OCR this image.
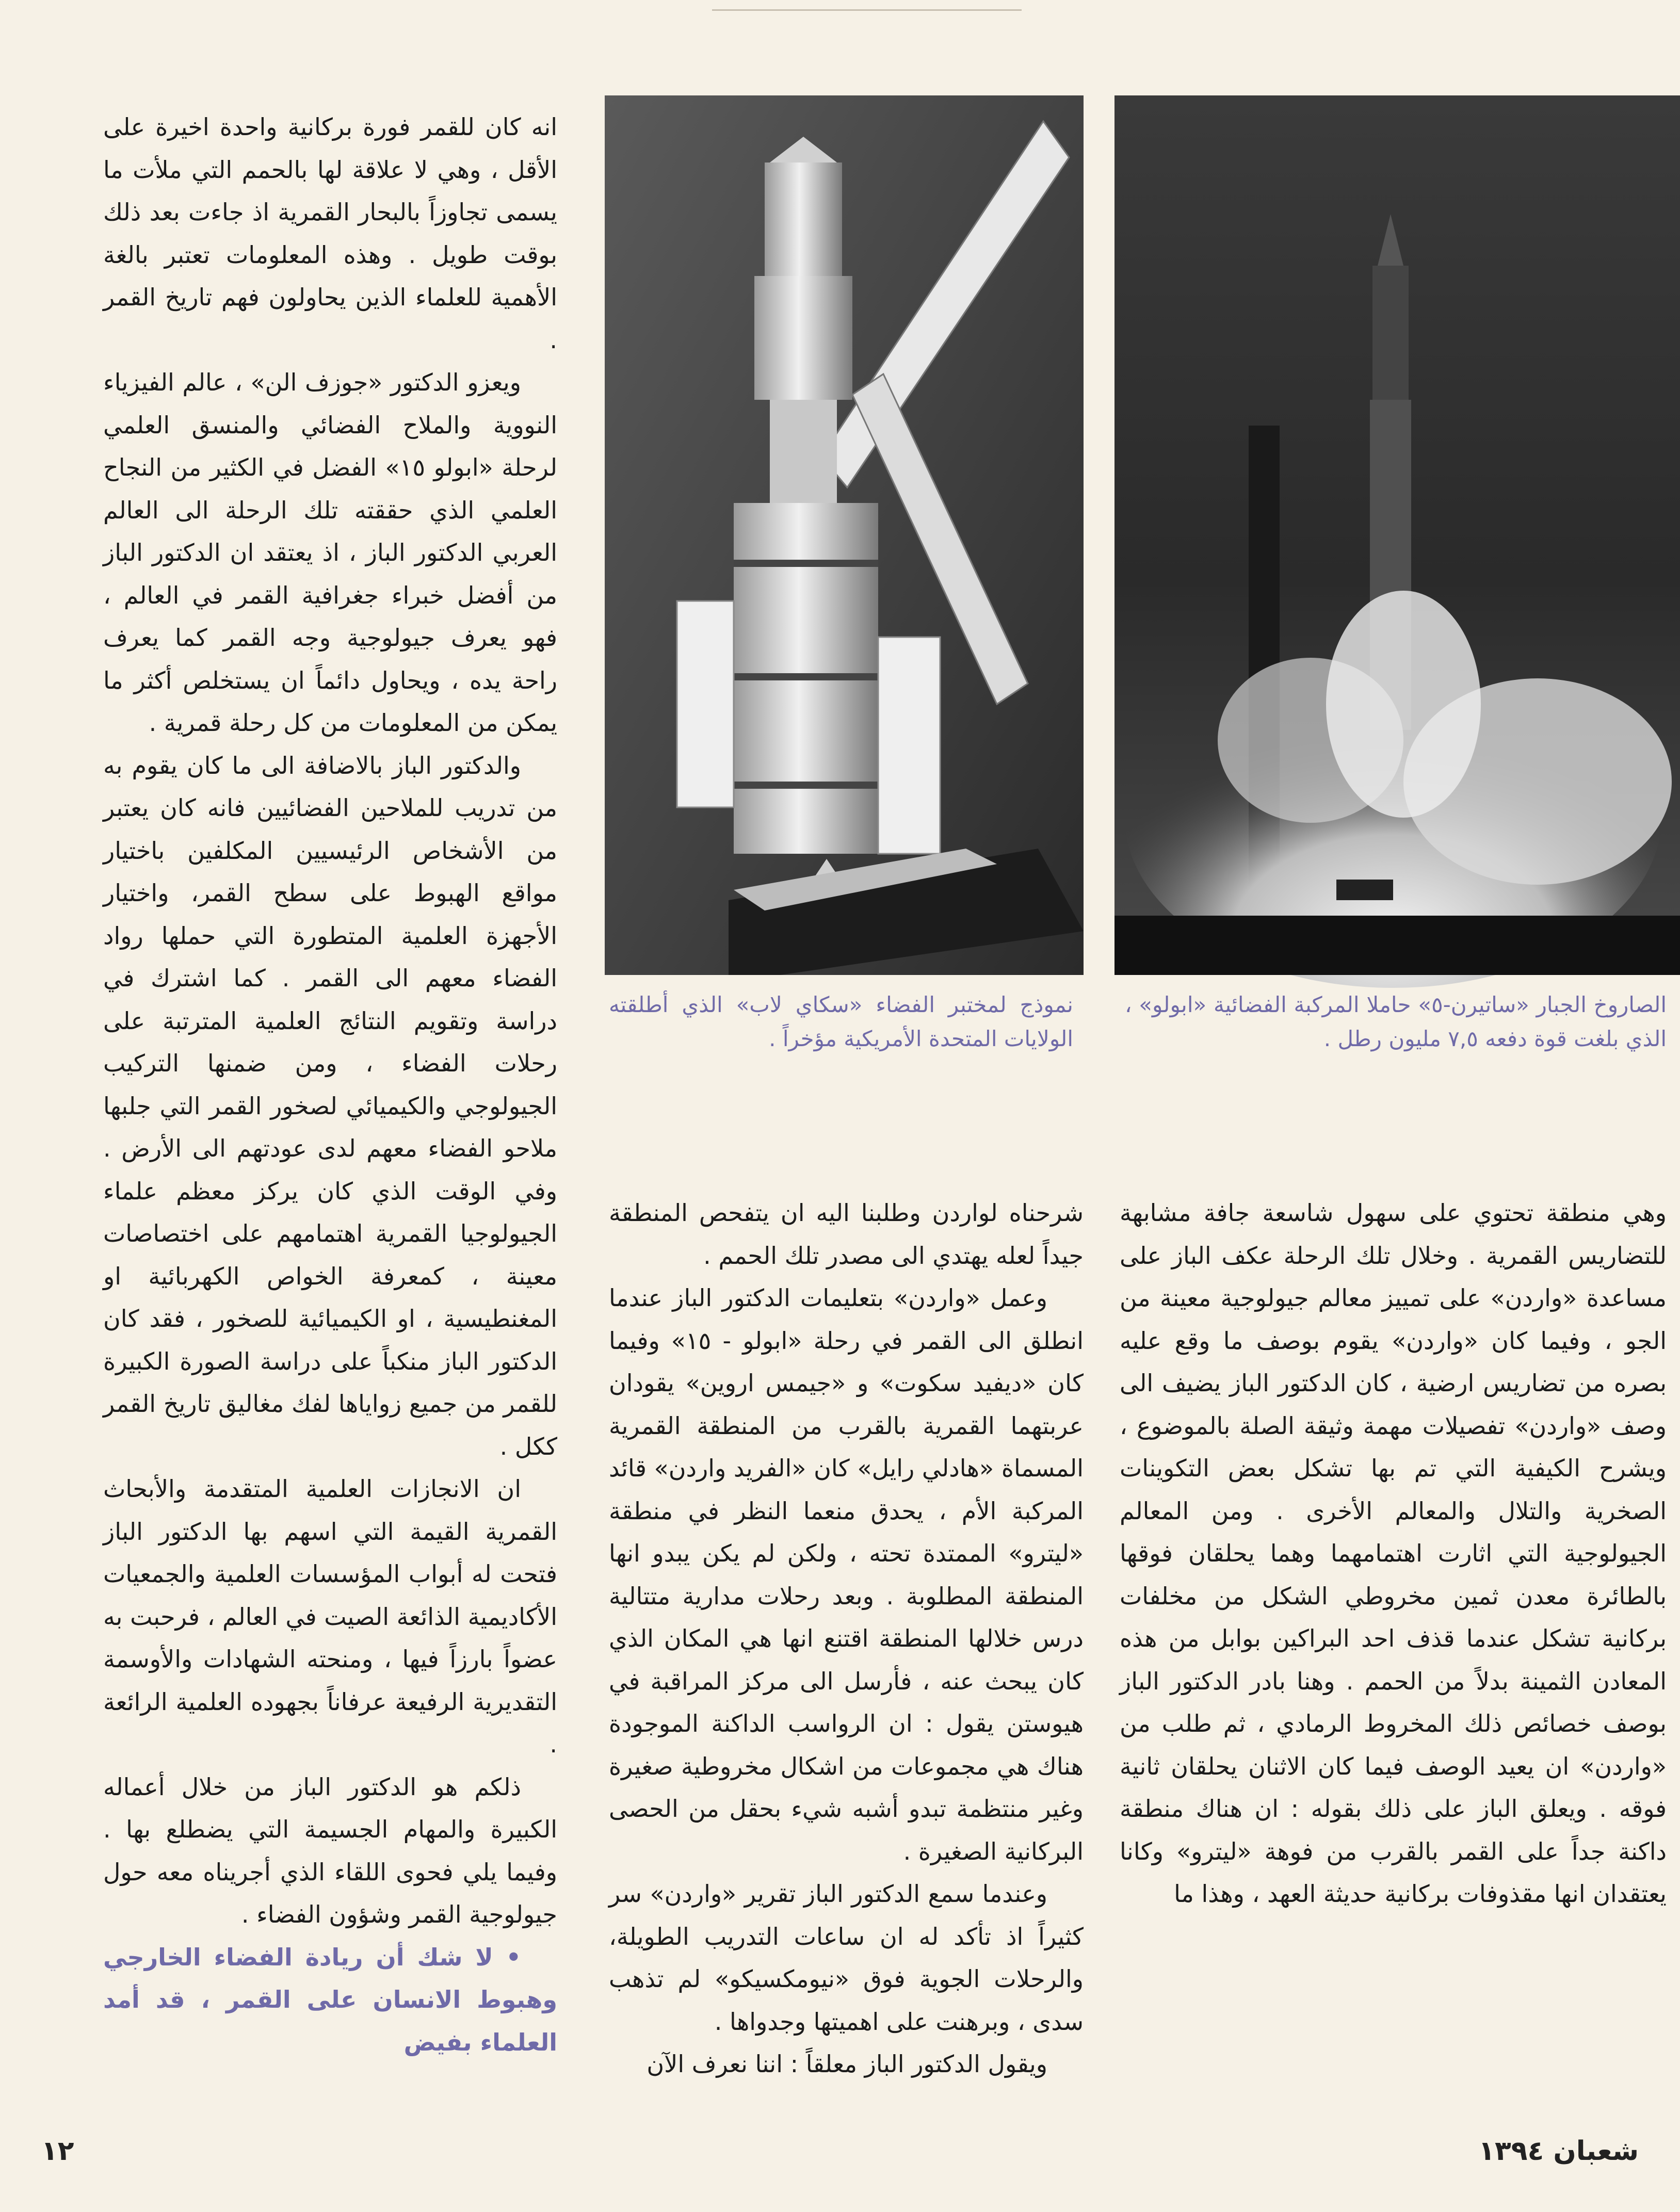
الصاروخ الجبار «ساتيرن-٥» حاملا المركبة الفضائية «ابولو» ، الذي بلغت قوة دفعه ٧,٥ مليون رطل .
نموذج لمختبر الفضاء «سكاي لاب» الذي أطلقته الولايات المتحدة الأمريكية مؤخراً .

انه كان للقمر فورة بركانية واحدة اخيرة على الأقل ، وهي لا علاقة لها بالحمم التي ملأت ما يسمى تجاوزاً بالبحار القمرية اذ جاءت بعد ذلك بوقت طويل . وهذه المعلومات تعتبر بالغة الأهمية للعلماء الذين يحاولون فهم تاريخ القمر .

ويعزو الدكتور «جوزف الن» ، عالم الفيزياء النووية والملاح الفضائي والمنسق العلمي لرحلة «ابولو ١٥» الفضل في الكثير من النجاح العلمي الذي حققته تلك الرحلة الى العالم العربي الدكتور الباز ، اذ يعتقد ان الدكتور الباز من أفضل خبراء جغرافية القمر في العالم ، فهو يعرف جيولوجية وجه القمر كما يعرف راحة يده ، ويحاول دائماً ان يستخلص أكثر ما يمكن من المعلومات من كل رحلة قمرية .

والدكتور الباز بالاضافة الى ما كان يقوم به من تدريب للملاحين الفضائيين فانه كان يعتبر من الأشخاص الرئيسيين المكلفين باختيار مواقع الهبوط على سطح القمر، واختيار الأجهزة العلمية المتطورة التي حملها رواد الفضاء معهم الى القمر . كما اشترك في دراسة وتقويم النتائج العلمية المترتبة على رحلات الفضاء ، ومن ضمنها التركيب الجيولوجي والكيميائي لصخور القمر التي جلبها ملاحو الفضاء معهم لدى عودتهم الى الأرض . وفي الوقت الذي كان يركز معظم علماء الجيولوجيا القمرية اهتمامهم على اختصاصات معينة ، كمعرفة الخواص الكهربائية او المغنطيسية ، او الكيميائية للصخور ، فقد كان الدكتور الباز منكباً على دراسة الصورة الكبيرة للقمر من جميع زواياها لفك مغاليق تاريخ القمر ككل .

ان الانجازات العلمية المتقدمة والأبحاث القمرية القيمة التي اسهم بها الدكتور الباز فتحت له أبواب المؤسسات العلمية والجمعيات الأكاديمية الذائعة الصيت في العالم ، فرحبت به عضواً بارزاً فيها ، ومنحته الشهادات والأوسمة التقديرية الرفيعة عرفاناً بجهوده العلمية الرائعة .

ذلكم هو الدكتور الباز من خلال أعماله الكبيرة والمهام الجسيمة التي يضطلع بها . وفيما يلي فحوى اللقاء الذي أجريناه معه حول جيولوجية القمر وشؤون الفضاء .

• لا شك أن ريادة الفضاء الخارجي وهبوط الانسان على القمر ، قد أمد العلماء بفيض

وهي منطقة تحتوي على سهول شاسعة جافة مشابهة للتضاريس القمرية . وخلال تلك الرحلة عكف الباز على مساعدة «واردن» على تمييز معالم جيولوجية معينة من الجو ، وفيما كان «واردن» يقوم بوصف ما وقع عليه بصره من تضاريس ارضية ، كان الدكتور الباز يضيف الى وصف «واردن» تفصيلات مهمة وثيقة الصلة بالموضوع ، ويشرح الكيفية التي تم بها تشكل بعض التكوينات الصخرية والتلال والمعالم الأخرى . ومن المعالم الجيولوجية التي اثارت اهتمامهما وهما يحلقان فوقها بالطائرة معدن ثمين مخروطي الشكل من مخلفات بركانية تشكل عندما قذف احد البراكين بوابل من هذه المعادن الثمينة بدلاً من الحمم . وهنا بادر الدكتور الباز بوصف خصائص ذلك المخروط الرمادي ، ثم طلب من «واردن» ان يعيد الوصف فيما كان الاثنان يحلقان ثانية فوقه . ويعلق الباز على ذلك بقوله : ان هناك منطقة داكنة جداً على القمر بالقرب من فوهة «ليترو» وكانا يعتقدان انها مقذوفات بركانية حديثة العهد ، وهذا ما

شرحناه لواردن وطلبنا اليه ان يتفحص المنطقة جيداً لعله يهتدي الى مصدر تلك الحمم .

وعمل «واردن» بتعليمات الدكتور الباز عندما انطلق الى القمر في رحلة «ابولو - ١٥» وفيما كان «ديفيد سكوت» و «جيمس اروين» يقودان عربتهما القمرية بالقرب من المنطقة القمرية المسماة «هادلي رايل» كان «الفريد واردن» قائد المركبة الأم ، يحدق منعما النظر في منطقة «ليترو» الممتدة تحته ، ولكن لم يكن يبدو انها المنطقة المطلوبة . وبعد رحلات مدارية متتالية درس خلالها المنطقة اقتنع انها هي المكان الذي كان يبحث عنه ، فأرسل الى مركز المراقبة في هيوستن يقول : ان الرواسب الداكنة الموجودة هناك هي مجموعات من اشكال مخروطية صغيرة وغير منتظمة تبدو أشبه شيء بحقل من الحصى البركانية الصغيرة .

وعندما سمع الدكتور الباز تقرير «واردن» سر كثيراً اذ تأكد له ان ساعات التدريب الطويلة، والرحلات الجوية فوق «نيومكسيكو» لم تذهب سدى ، وبرهنت على اهميتها وجدواها .

ويقول الدكتور الباز معلقاً : اننا نعرف الآن

شعبان ١٣٩٤
١٢
